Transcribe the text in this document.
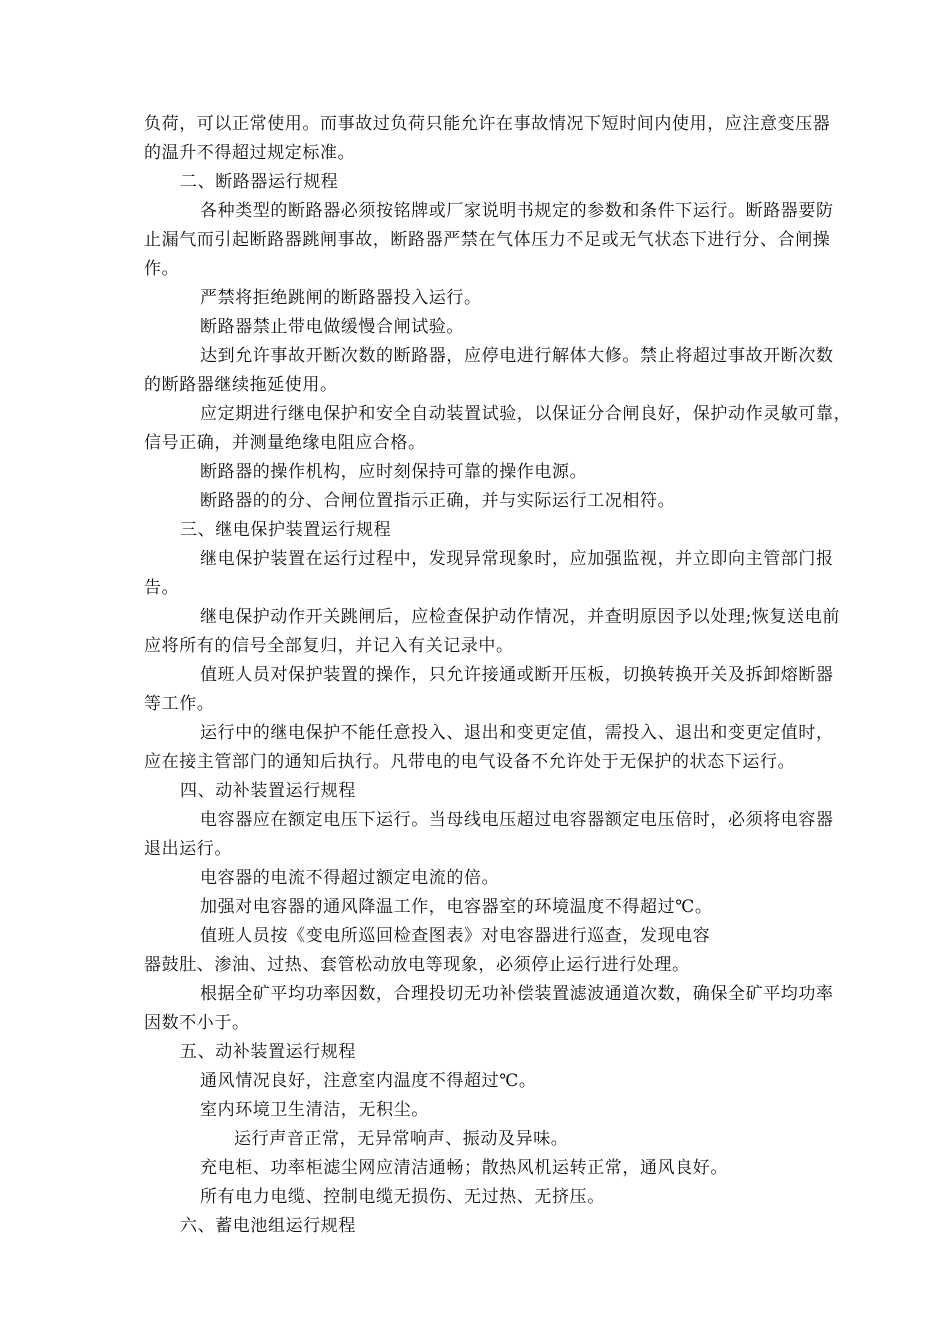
负荷，可以正常使用。而事故过负荷只能允许在事故情况下短时间内使用，应注意变压器
的温升不得超过规定标准。
二、断路器运行规程
各种类型的断路器必须按铭牌或厂家说明书规定的参数和条件下运行。断路器要防
止漏气而引起断路器跳闸事故，断路器严禁在气体压力不足或无气状态下进行分、合闸操
作。
严禁将拒绝跳闸的断路器投入运行。
断路器禁止带电做缓慢合闸试验。
达到允许事故开断次数的断路器，应停电进行解体大修。禁止将超过事故开断次数
的断路器继续拖延使用。
应定期进行继电保护和安全自动装置试验，以保证分合闸良好，保护动作灵敏可靠，
信号正确，并测量绝缘电阻应合格。
断路器的操作机构，应时刻保持可靠的操作电源。
断路器的的分、合闸位置指示正确，并与实际运行工况相符。
三、继电保护装置运行规程
继电保护装置在运行过程中，发现异常现象时，应加强监视，并立即向主管部门报
告。
继电保护动作开关跳闸后，应检查保护动作情况，并查明原因予以处理;恢复送电前
应将所有的信号全部复归，并记入有关记录中。
值班人员对保护装置的操作，只允许接通或断开压板，切换转换开关及拆卸熔断器
等工作。
运行中的继电保护不能任意投入、退出和变更定值，需投入、退出和变更定值时，
应在接主管部门的通知后执行。凡带电的电气设备不允许处于无保护的状态下运行。
四、动补装置运行规程
电容器应在额定电压下运行。当母线电压超过电容器额定电压倍时，必须将电容器
退出运行。
电容器的电流不得超过额定电流的倍。
加强对电容器的通风降温工作，电容器室的环境温度不得超过℃。
值班人员按《变电所巡回检查图表》对电容器进行巡查，发现电容
器鼓肚、渗油、过热、套管松动放电等现象，必须停止运行进行处理。
根据全矿平均功率因数，合理投切无功补偿装置滤波通道次数，确保全矿平均功率
因数不小于。
五、动补装置运行规程
通风情况良好，注意室内温度不得超过℃。
室内环境卫生清洁，无积尘。
运行声音正常，无异常响声、振动及异味。
充电柜、功率柜滤尘网应清洁通畅；散热风机运转正常，通风良好。
所有电力电缆、控制电缆无损伤、无过热、无挤压。
六、蓄电池组运行规程
